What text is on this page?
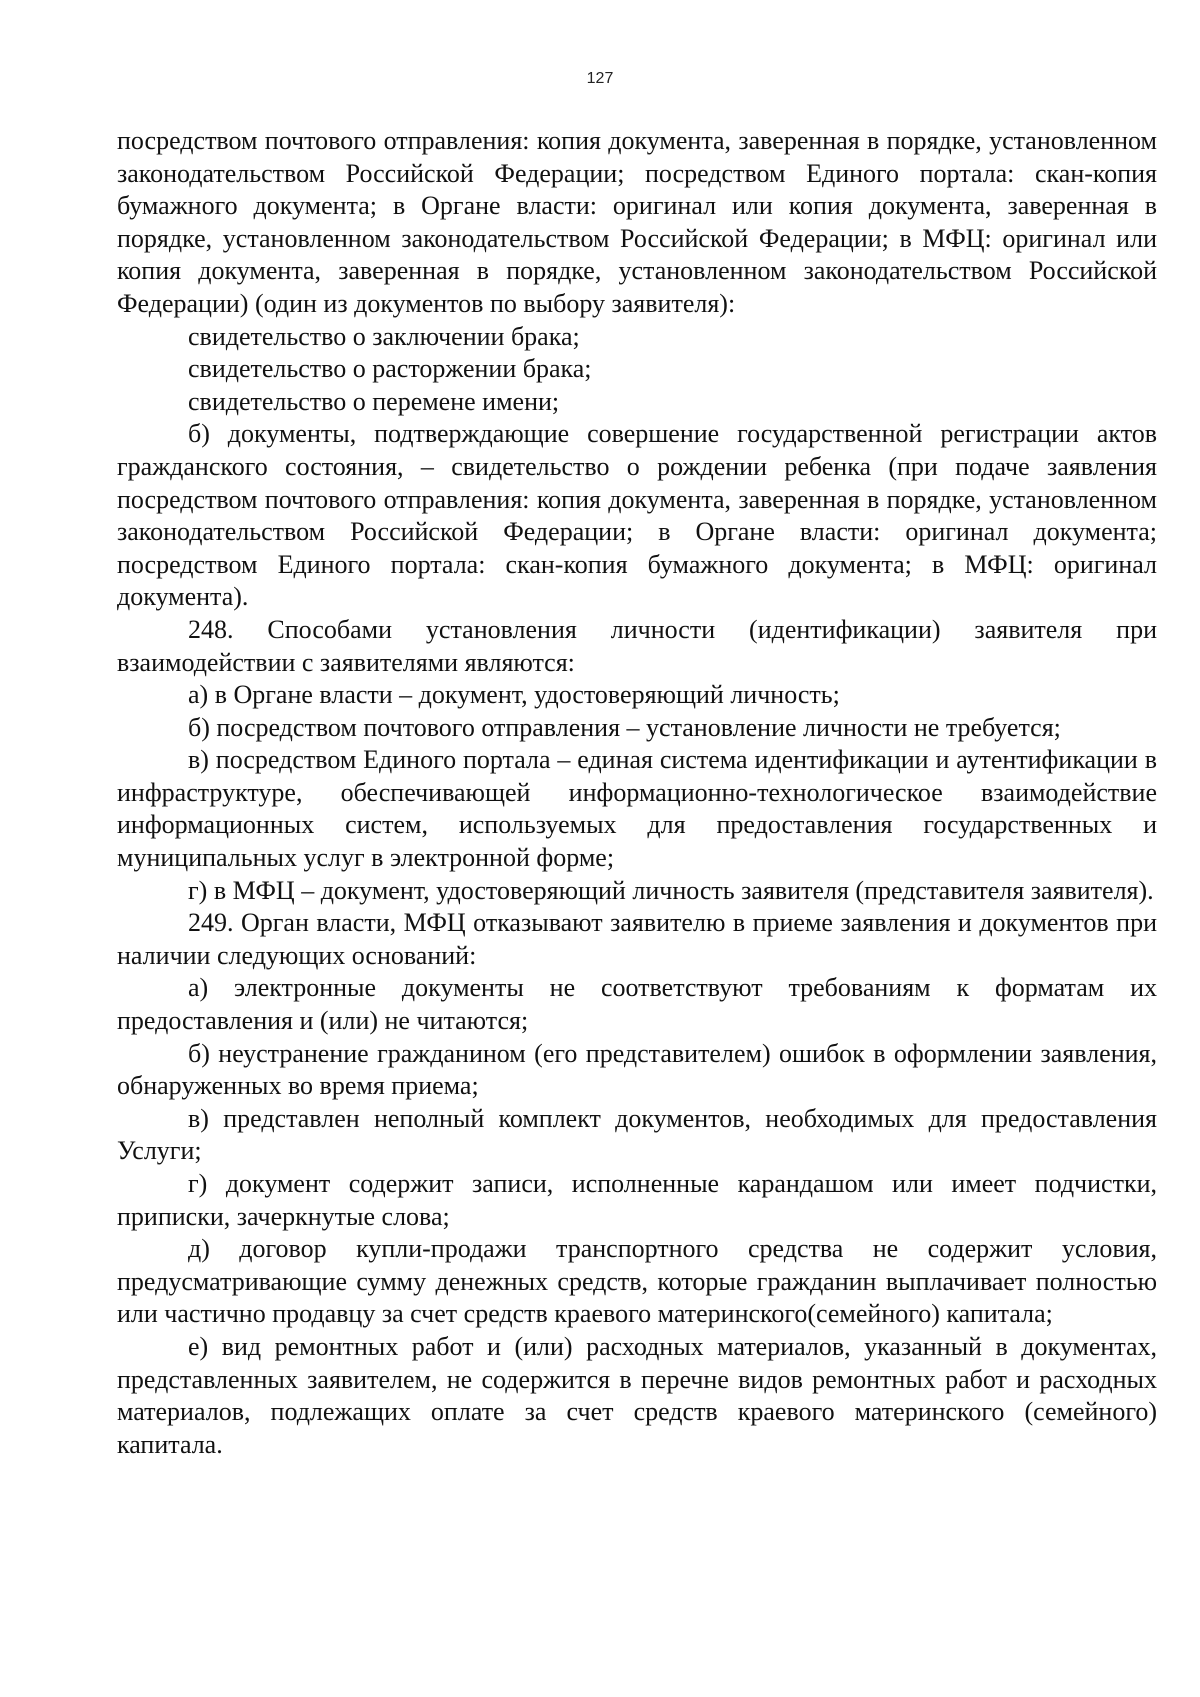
127

посредством почтового отправления: копия документа, заверенная в порядке, установленном законодательством Российской Федерации; посредством Единого портала: скан-копия бумажного документа; в Органе власти: оригинал или копия документа, заверенная в порядке, установленном законодательством Российской Федерации; в МФЦ: оригинал или копия документа, заверенная в порядке, установленном законодательством Российской Федерации) (один из документов по выбору заявителя):

свидетельство о заключении брака;

свидетельство о расторжении брака;

свидетельство о перемене имени;

б) документы, подтверждающие совершение государственной регистрации актов гражданского состояния, – свидетельство о рождении ребенка (при подаче заявления посредством почтового отправления: копия документа, заверенная в порядке, установленном законодательством Российской Федерации; в Органе власти: оригинал документа; посредством Единого портала: скан-копия бумажного документа; в МФЦ: оригинал документа).

248. Способами установления личности (идентификации) заявителя при взаимодействии с заявителями являются:

а) в Органе власти – документ, удостоверяющий личность;

б) посредством почтового отправления – установление личности не требуется;

в) посредством Единого портала – единая система идентификации и аутентификации в инфраструктуре, обеспечивающей информационно-технологическое взаимодействие информационных систем, используемых для предоставления государственных и муниципальных услуг в электронной форме;

г) в МФЦ – документ, удостоверяющий личность заявителя (представителя заявителя).

249. Орган власти, МФЦ отказывают заявителю в приеме заявления и документов при наличии следующих оснований:

а) электронные документы не соответствуют требованиям к форматам их предоставления и (или) не читаются;

б) неустранение гражданином (его представителем) ошибок в оформлении заявления, обнаруженных во время приема;

в) представлен неполный комплект документов, необходимых для предоставления Услуги;

г) документ содержит записи, исполненные карандашом или имеет подчистки, приписки, зачеркнутые слова;

д) договор купли-продажи транспортного средства не содержит условия, предусматривающие сумму денежных средств, которые гражданин выплачивает полностью или частично продавцу за счет средств краевого материнского(семейного) капитала;

е) вид ремонтных работ и (или) расходных материалов, указанный в документах, представленных заявителем, не содержится в перечне видов ремонтных работ и расходных материалов, подлежащих оплате за счет средств краевого материнского (семейного) капитала.
